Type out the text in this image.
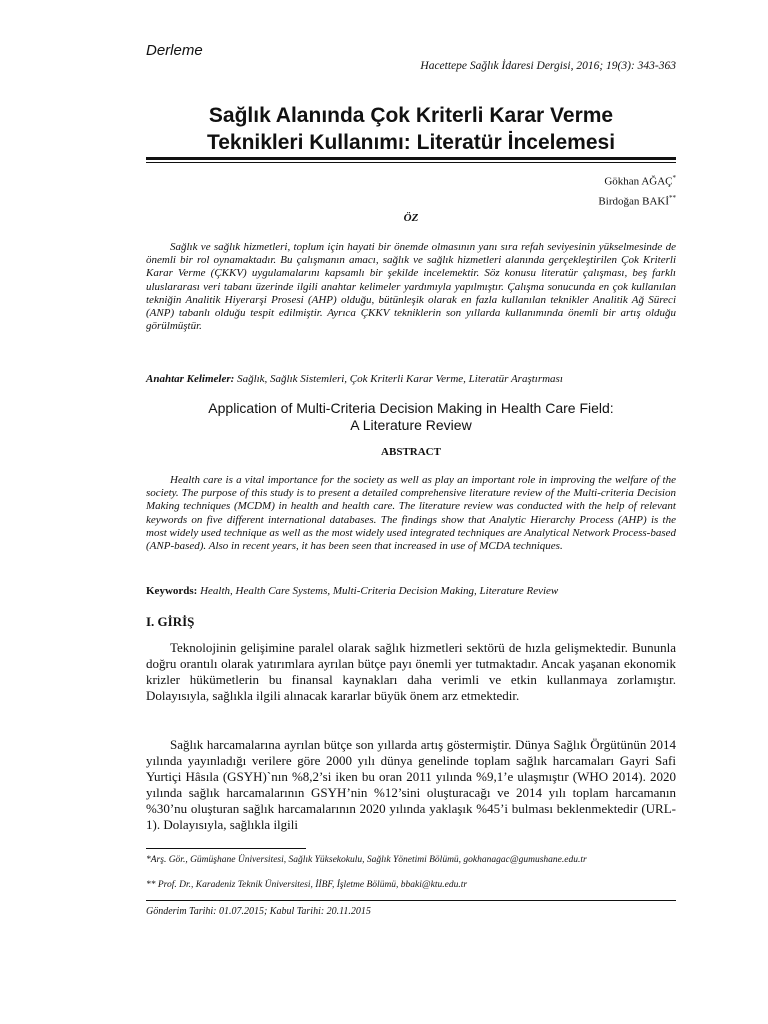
Derleme
Hacettepe Sağlık İdaresi Dergisi, 2016; 19(3): 343-363
Sağlık Alanında Çok Kriterli Karar Verme
Teknikleri Kullanımı: Literatür İncelemesi
Gökhan AĞAÇ*
Birdoğan BAKİ**
ÖZ

Sağlık ve sağlık hizmetleri, toplum için hayati bir önemde olmasının yanı sıra refah seviyesinin yükselmesinde de önemli bir rol oynamaktadır. Bu çalışmanın amacı, sağlık ve sağlık hizmetleri alanında gerçekleştirilen Çok Kriterli Karar Verme (ÇKKV) uygulamalarını kapsamlı bir şekilde incelemektir. Söz konusu literatür çalışması, beş farklı uluslararası veri tabanı üzerinde ilgili anahtar kelimeler yardımıyla yapılmıştır. Çalışma sonucunda en çok kullanılan tekniğin Analitik Hiyerarşi Prosesi (AHP) olduğu, bütünleşik olarak en fazla kullanılan teknikler Analitik Ağ Süreci (ANP) tabanlı olduğu tespit edilmiştir. Ayrıca ÇKKV tekniklerin son yıllarda kullanımında önemli bir artış olduğu görülmüştür.

Anahtar Kelimeler: Sağlık, Sağlık Sistemleri, Çok Kriterli Karar Verme, Literatür Araştırması
Application of Multi-Criteria Decision Making in Health Care Field:
A Literature Review
ABSTRACT

Health care is a vital importance for the society as well as play an important role in improving the welfare of the society. The purpose of this study is to present a detailed comprehensive literature review of the Multi-criteria Decision Making techniques (MCDM) in health and health care. The literature review was conducted with the help of relevant keywords on five different international databases. The findings show that Analytic Hierarchy Process (AHP) is the most widely used technique as well as the most widely used integrated techniques are Analytical Network Process-based (ANP-based). Also in recent years, it has been seen that increased in use of MCDA techniques.

Keywords: Health, Health Care Systems, Multi-Criteria Decision Making, Literature Review
I. GİRİŞ

Teknolojinin gelişimine paralel olarak sağlık hizmetleri sektörü de hızla gelişmektedir. Bununla doğru orantılı olarak yatırımlara ayrılan bütçe payı önemli yer tutmaktadır. Ancak yaşanan ekonomik krizler hükümetlerin bu finansal kaynakları daha verimli ve etkin kullanmaya zorlamıştır. Dolayısıyla, sağlıkla ilgili alınacak kararlar büyük önem arz etmektedir.

Sağlık harcamalarına ayrılan bütçe son yıllarda artış göstermiştir. Dünya Sağlık Örgütünün 2014 yılında yayınladığı verilere göre 2000 yılı dünya genelinde toplam sağlık harcamaları Gayri Safi Yurtiçi Hâsıla (GSYH)`nın %8,2’si iken bu oran 2011 yılında %9,1’e ulaşmıştır (WHO 2014). 2020 yılında sağlık harcamalarının GSYH’nin %12’sini oluşturacağı ve 2014 yılı toplam harcamanın %30’nu oluşturan sağlık harcamalarının 2020 yılında yaklaşık %45’i bulması beklenmektedir (URL-1). Dolayısıyla, sağlıkla ilgili

*Arş. Gör., Gümüşhane Üniversitesi, Sağlık Yüksekokulu, Sağlık Yönetimi Bölümü, gokhanagac@gumushane.edu.tr

** Prof. Dr., Karadeniz Teknik Üniversitesi, İİBF, İşletme Bölümü, bbaki@ktu.edu.tr

Gönderim Tarihi: 01.07.2015; Kabul Tarihi: 20.11.2015
